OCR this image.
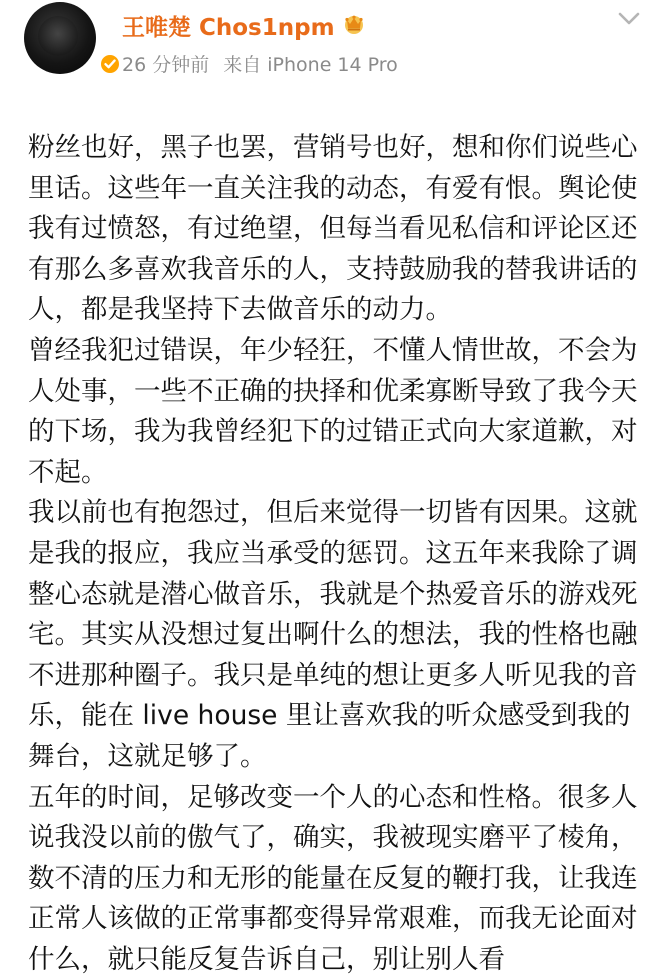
王唯楚 Chos1npm
26 分钟前 来自 iPhone 14 Pro

粉丝也好，黑子也罢，营销号也好，想和你们说些心里话。这些年一直关注我的动态，有爱有恨。舆论使我有过愤怒，有过绝望，但每当看见私信和评论区还有那么多喜欢我音乐的人，支持鼓励我的替我讲话的人，都是我坚持下去做音乐的动力。

曾经我犯过错误，年少轻狂，不懂人情世故，不会为人处事，一些不正确的抉择和优柔寡断导致了我今天的下场，我为我曾经犯下的过错正式向大家道歉，对不起。

我以前也有抱怨过，但后来觉得一切皆有因果。这就是我的报应，我应当承受的惩罚。这五年来我除了调整心态就是潜心做音乐，我就是个热爱音乐的游戏死宅。其实从没想过复出啊什么的想法，我的性格也融不进那种圈子。我只是单纯的想让更多人听见我的音乐，能在 live house 里让喜欢我的听众感受到我的舞台，这就足够了。

五年的时间，足够改变一个人的心态和性格。很多人说我没以前的傲气了，确实，我被现实磨平了棱角，数不清的压力和无形的能量在反复的鞭打我，让我连正常人该做的正常事都变得异常艰难，而我无论面对什么，就只能反复告诉自己，别让别人看
